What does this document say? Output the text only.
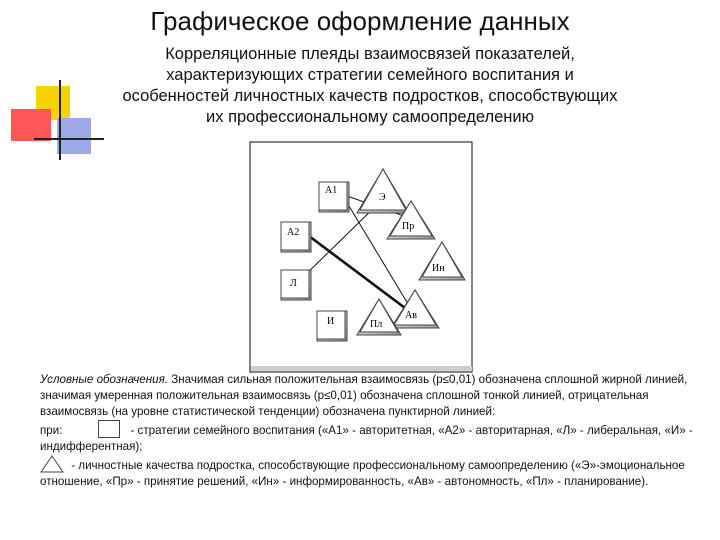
Графическое оформление данных
Корреляционные плеяды взаимосвязей показателей,
характеризующих стратегии семейного воспитания и
особенностей личностных качеств подростков, способствующих
их профессиональному самоопределению
А1
А2
Л
И
Э
Пр
Ин
Ав
Пл

Условные обозначения. Значимая сильная положительная взаимосвязь (p≤0,01) обозначена сплошной жирной линией, значимая умеренная положительная взаимосвязь (p≤0,01) обозначена сплошной тонкой линией, отрицательная взаимосвязь (на уровне статистической тенденции) обозначена пунктирной линией:

при:	- стратегии семейного воспитания («А1» - авторитетная, «А2» - авторитарная, «Л» - либеральная, «И» - индифферентная);

- личностные качества подростка, способствующие профессиональному самоопределению («Э»-эмоциональное отношение, «Пр» - принятие решений, «Ин» - информированность, «Ав» - автономность, «Пл» - планирование).
